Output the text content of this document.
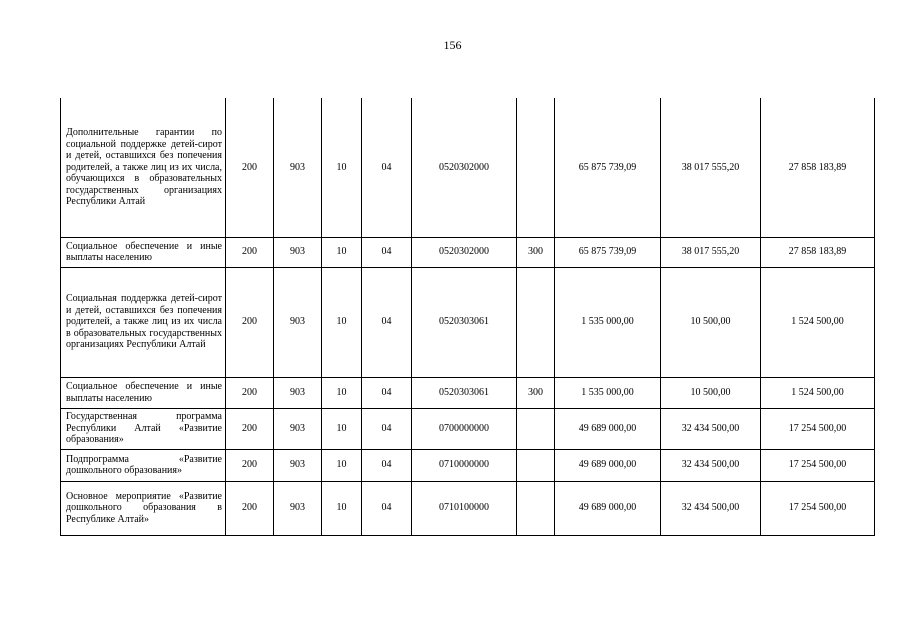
156
Дополнительные гарантии по социальной поддержке детей-сирот и детей, оставшихся без попечения родителей, а также лиц из их числа, обучающихся в образовательных государственных организациях Республики Алтай	200	903	10	04	0520302000		65 875 739,09	38 017 555,20	27 858 183,89
Социальное обеспечение и иные выплаты населению	200	903	10	04	0520302000	300	65 875 739,09	38 017 555,20	27 858 183,89
Социальная поддержка детей-сирот и детей, оставшихся без попечения родителей, а также лиц из их числа в образовательных государственных организациях Республики Алтай	200	903	10	04	0520303061		1 535 000,00	10 500,00	1 524 500,00
Социальное обеспечение и иные выплаты населению	200	903	10	04	0520303061	300	1 535 000,00	10 500,00	1 524 500,00
Государственная программа Республики Алтай «Развитие образования»	200	903	10	04	0700000000		49 689 000,00	32 434 500,00	17 254 500,00
Подпрограмма «Развитие дошкольного образования»	200	903	10	04	0710000000		49 689 000,00	32 434 500,00	17 254 500,00
Основное мероприятие «Развитие дошкольного образования в Республике Алтай»	200	903	10	04	0710100000		49 689 000,00	32 434 500,00	17 254 500,00
